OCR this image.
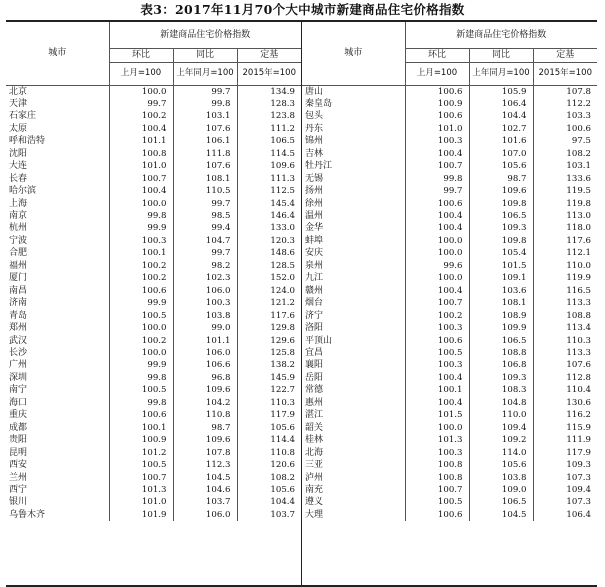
表3：2017年11月70个大中城市新建商品住宅价格指数
城市	新建商品住宅价格指数		
	环比	同比	定基
	上月=100	上年同月=100	2015年=100
北京	100.0	99.7	134.9
天津	99.7	99.8	128.3
石家庄	100.2	103.1	123.8
太原	100.4	107.6	111.2
呼和浩特	101.1	106.1	106.5
沈阳	100.8	111.8	114.5
大连	101.0	107.6	109.6
长春	100.7	108.1	111.3
哈尔滨	100.4	110.5	112.5
上海	100.0	99.7	145.4
南京	99.8	98.5	146.4
杭州	99.9	99.4	133.0
宁波	100.3	104.7	120.3
合肥	100.1	99.7	148.6
福州	100.2	98.2	128.5
厦门	100.2	102.3	152.0
南昌	100.6	106.0	124.0
济南	99.9	100.3	121.2
青岛	100.5	103.8	117.6
郑州	100.0	99.0	129.8
武汉	100.2	101.1	129.6
长沙	100.0	106.0	125.8
广州	99.9	106.6	138.2
深圳	99.8	96.8	145.9
南宁	100.5	109.6	122.7
海口	99.8	104.2	110.3
重庆	100.6	110.8	117.9
成都	100.1	98.7	105.6
贵阳	100.9	109.6	114.4
昆明	101.2	107.8	110.8
西安	100.5	112.3	120.6
兰州	100.7	104.5	108.2
西宁	101.3	104.6	105.6
银川	101.0	103.7	104.4
乌鲁木齐	101.9	106.0	103.7
城市	新建商品住宅价格指数		
	环比	同比	定基
	上月=100	上年同月=100	2015年=100
唐山	100.6	105.9	107.8
秦皇岛	100.9	106.4	112.2
包头	100.6	104.4	103.3
丹东	101.0	102.7	100.6
锦州	100.3	101.6	97.5
吉林	100.4	107.0	108.2
牡丹江	100.7	105.6	103.1
无锡	99.8	98.7	133.6
扬州	99.7	109.6	119.5
徐州	100.6	109.8	119.8
温州	100.4	106.5	113.0
金华	100.4	109.3	118.0
蚌埠	100.0	109.8	117.6
安庆	100.0	105.4	112.1
泉州	99.6	101.5	110.0
九江	100.0	109.1	119.9
赣州	100.4	103.6	116.5
烟台	100.7	108.1	113.3
济宁	100.2	108.9	108.8
洛阳	100.3	109.9	113.4
平顶山	100.6	106.5	110.3
宜昌	100.5	108.8	113.3
襄阳	100.3	106.8	107.6
岳阳	100.4	109.3	112.8
常德	100.1	108.3	110.4
惠州	100.4	104.8	130.6
湛江	101.5	110.0	116.2
韶关	100.0	109.4	115.9
桂林	101.3	109.2	111.9
北海	100.3	114.0	117.9
三亚	100.8	105.6	109.3
泸州	100.8	103.8	107.3
南充	100.7	109.0	109.4
遵义	100.5	106.5	107.3
大理	100.6	104.5	106.4
